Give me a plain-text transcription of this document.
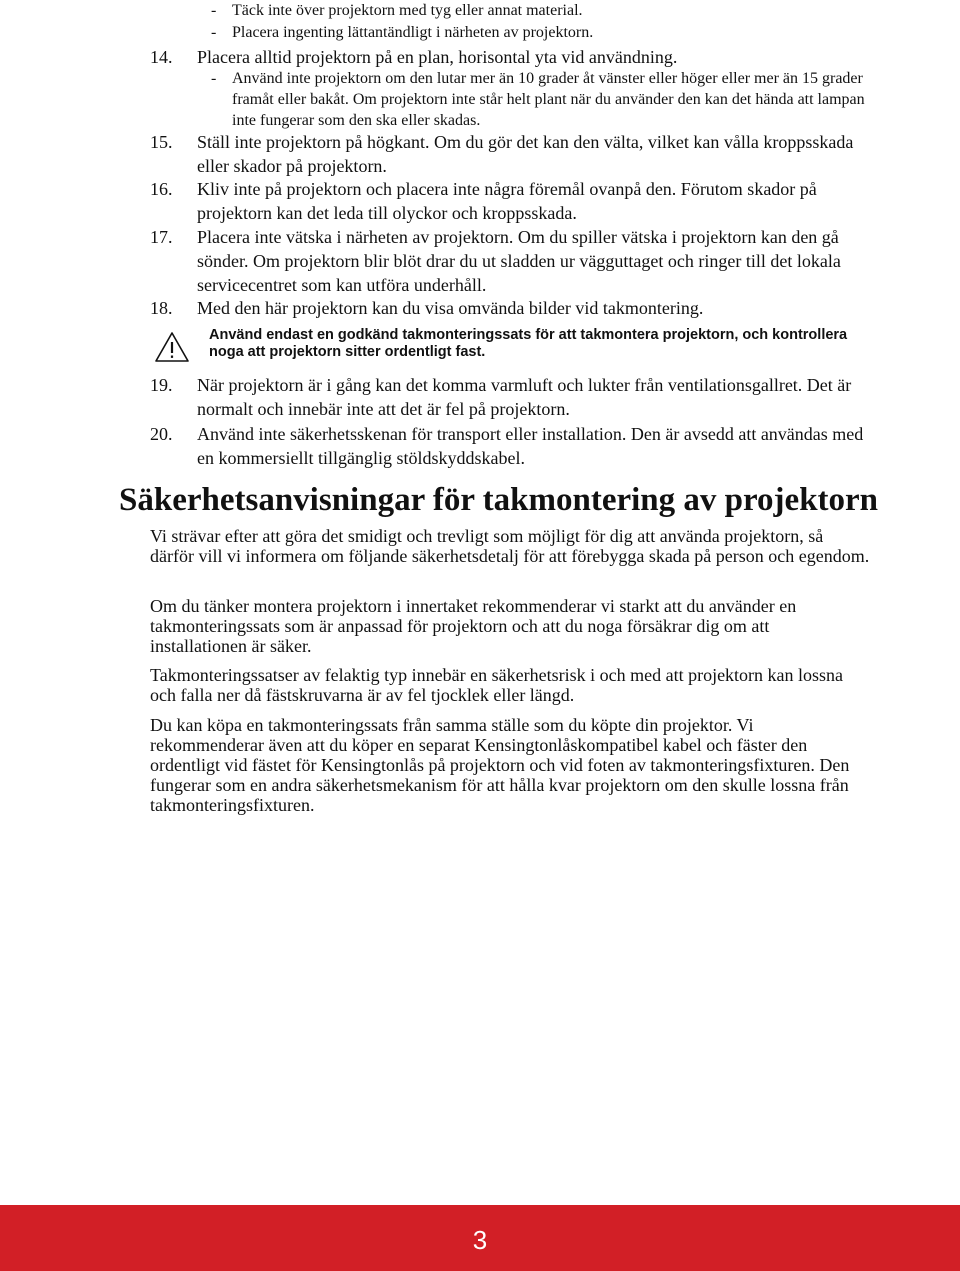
- Täck inte över projektorn med tyg eller annat material.
- Placera ingenting lättantändligt i närheten av projektorn.
14. Placera alltid projektorn på en plan, horisontal yta vid användning.
- Använd inte projektorn om den lutar mer än 10 grader åt vänster eller höger eller mer än 15 grader framåt eller bakåt. Om projektorn inte står helt plant när du använder den kan det hända att lampan inte fungerar som den ska eller skadas.
15. Ställ inte projektorn på högkant. Om du gör det kan den välta, vilket kan vålla kroppsskada eller skador på projektorn.
16. Kliv inte på projektorn och placera inte några föremål ovanpå den. Förutom skador på projektorn kan det leda till olyckor och kroppsskada.
17. Placera inte vätska i närheten av projektorn. Om du spiller vätska i projektorn kan den gå sönder. Om projektorn blir blöt drar du ut sladden ur vägguttaget och ringer till det lokala servicecentret som kan utföra underhåll.
18. Med den här projektorn kan du visa omvända bilder vid takmontering.
Använd endast en godkänd takmonteringssats för att takmontera projektorn, och kontrollera noga att projektorn sitter ordentligt fast.
19. När projektorn är i gång kan det komma varmluft och lukter från ventilationsgallret. Det är normalt och innebär inte att det är fel på projektorn.
20. Använd inte säkerhetsskenan för transport eller installation. Den är avsedd att användas med en kommersiellt tillgänglig stöldskyddskabel.
Säkerhetsanvisningar för takmontering av projektorn

Vi strävar efter att göra det smidigt och trevligt som möjligt för dig att använda projektorn, så därför vill vi informera om följande säkerhetsdetalj för att förebygga skada på person och egendom.

Om du tänker montera projektorn i innertaket rekommenderar vi starkt att du använder en takmonteringssats som är anpassad för projektorn och att du noga försäkrar dig om att installationen är säker.

Takmonteringssatser av felaktig typ innebär en säkerhetsrisk i och med att projektorn kan lossna och falla ner då fästskruvarna är av fel tjocklek eller längd.

Du kan köpa en takmonteringssats från samma ställe som du köpte din projektor. Vi rekommenderar även att du köper en separat Kensingtonlåskompatibel kabel och fäster den ordentligt vid fästet för Kensingtonlås på projektorn och vid foten av takmonteringsfixturen. Den fungerar som en andra säkerhetsmekanism för att hålla kvar projektorn om den skulle lossna från takmonteringsfixturen.

3
